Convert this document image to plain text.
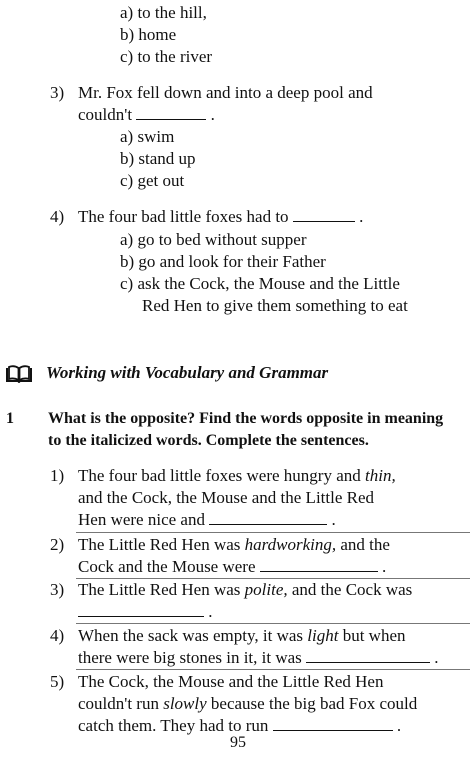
a) to the hill,
b) home
c) to the river
3) Mr. Fox fell down and into a deep pool and
couldn't	.
a) swim
b) stand up
c) get out
4) The four bad little foxes had to	.
a) go to bed without supper
b) go and look for their Father
c) ask the Cock, the Mouse and the Little
Red Hen to give them something to eat
Working with Vocabulary and Grammar
1 What is the opposite? Find the words opposite in meaning
to the italicized words. Complete the sentences.
1) The four bad little foxes were hungry and thin,
and the Cock, the Mouse and the Little Red
Hen were nice and	.
2) The Little Red Hen was hardworking, and the
Cock and the Mouse were	.
3) The Little Red Hen was polite, and the Cock was
.
4) When the sack was empty, it was light but when
there were big stones in it, it was	.
5) The Cock, the Mouse and the Little Red Hen
couldn't run slowly because the big bad Fox could
catch them. They had to run	.
95
